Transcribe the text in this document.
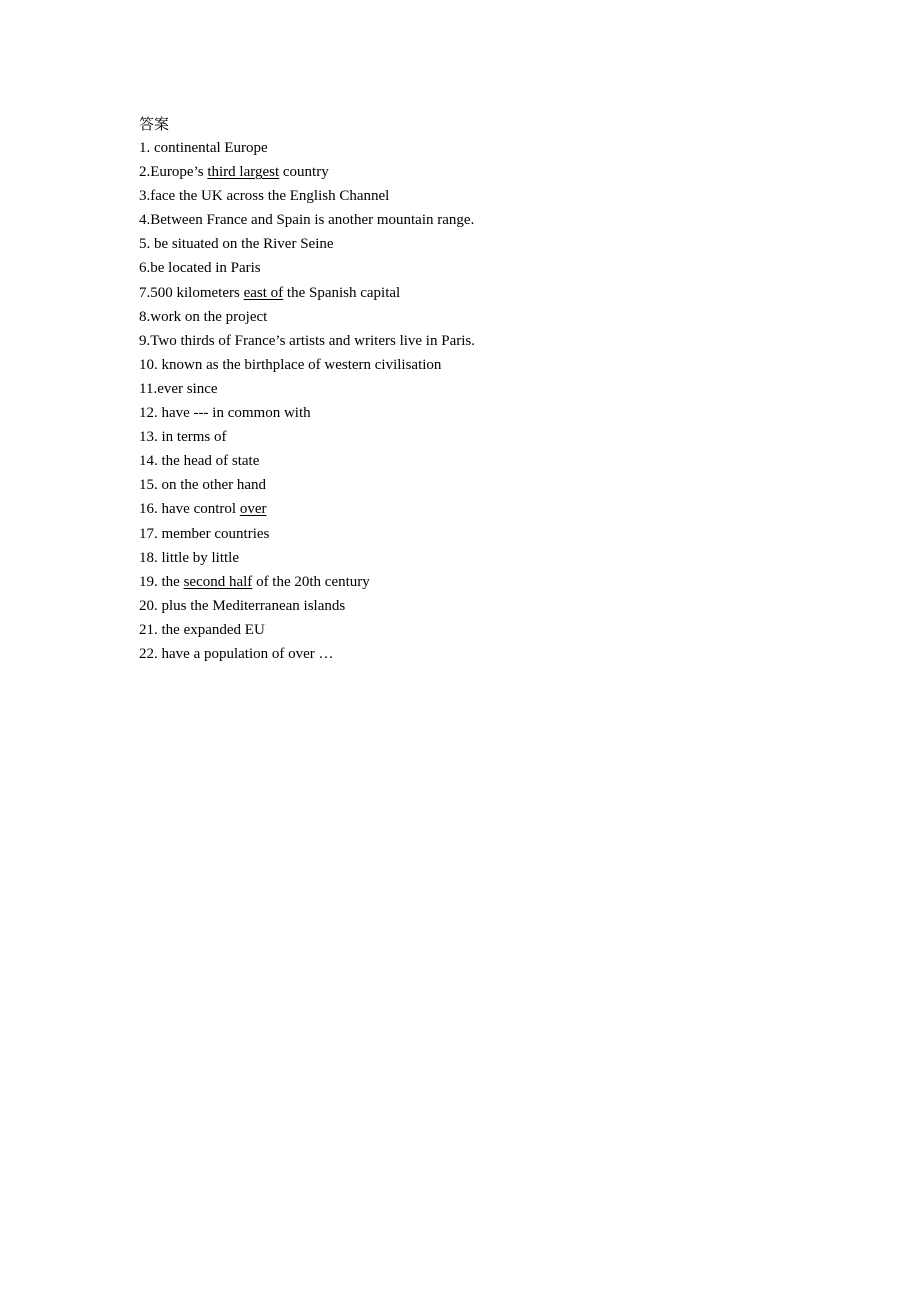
答案
1. continental Europe
2.Europe’s third largest country
3.face the UK across the English Channel
4.Between France and Spain is another mountain range.
5. be situated on the River Seine
6.be located in Paris
7.500 kilometers east of the Spanish capital
8.work on the project
9.Two thirds of France’s artists and writers live in Paris.
10. known as the birthplace of western civilisation
11.ever since
12. have --- in common with
13. in terms of
14. the head of state
15. on the other hand
16. have control over
17. member countries
18. little by little
19. the second half of the 20th century
20. plus the Mediterranean islands
21. the expanded EU
22. have a population of over …
